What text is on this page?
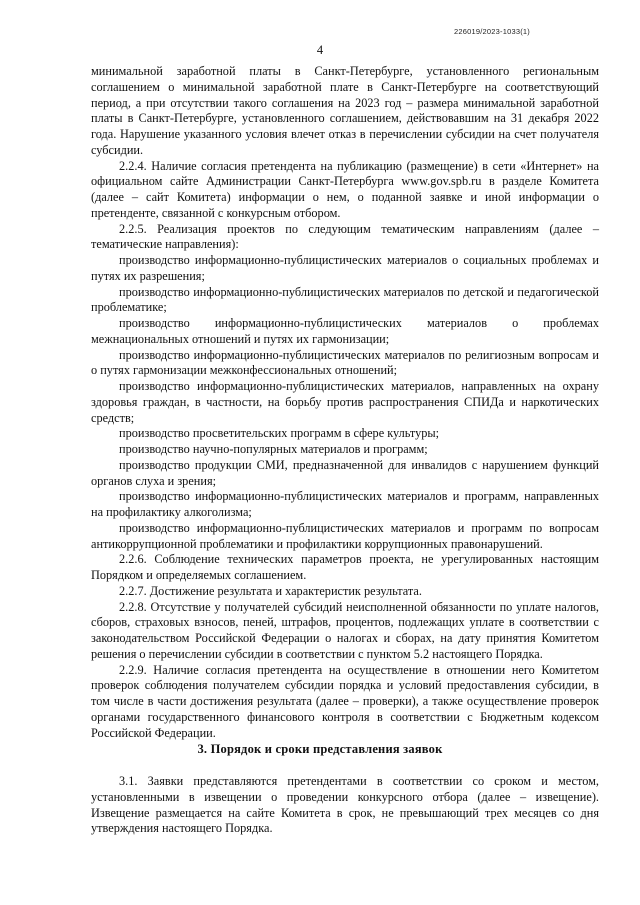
226019/2023-1033(1)
4

минимальной заработной платы в Санкт-Петербурге, установленного региональным соглашением о минимальной заработной плате в Санкт-Петербурге на соответствующий период, а при отсутствии такого соглашения на 2023 год – размера минимальной заработной платы в Санкт-Петербурге, установленного соглашением, действовавшим на 31 декабря 2022 года. Нарушение указанного условия влечет отказ в перечислении субсидии на счет получателя субсидии.

2.2.4. Наличие согласия претендента на публикацию (размещение) в сети «Интернет» на официальном сайте Администрации Санкт-Петербурга www.gov.spb.ru в разделе Комитета (далее – сайт Комитета) информации о нем, о поданной заявке и иной информации о претенденте, связанной с конкурсным отбором.

2.2.5. Реализация проектов по следующим тематическим направлениям (далее – тематические направления):

производство информационно-публицистических материалов о социальных проблемах и путях их разрешения;

производство информационно-публицистических материалов по детской и педагогической проблематике;

производство информационно-публицистических материалов о проблемах межнациональных отношений и путях их гармонизации;

производство информационно-публицистических материалов по религиозным вопросам и о путях гармонизации межконфессиональных отношений;

производство информационно-публицистических материалов, направленных на охрану здоровья граждан, в частности, на борьбу против распространения СПИДа и наркотических средств;

производство просветительских программ в сфере культуры;

производство научно-популярных материалов и программ;

производство продукции СМИ, предназначенной для инвалидов с нарушением функций органов слуха и зрения;

производство информационно-публицистических материалов и программ, направленных на профилактику алкоголизма;

производство информационно-публицистических материалов и программ по вопросам антикоррупционной проблематики и профилактики коррупционных правонарушений.

2.2.6. Соблюдение технических параметров проекта, не урегулированных настоящим Порядком и определяемых соглашением.

2.2.7. Достижение результата и характеристик результата.

2.2.8. Отсутствие у получателей субсидий неисполненной обязанности по уплате налогов, сборов, страховых взносов, пеней, штрафов, процентов, подлежащих уплате в соответствии с законодательством Российской Федерации о налогах и сборах, на дату принятия Комитетом решения о перечислении субсидии в соответствии с пунктом 5.2 настоящего Порядка.

2.2.9. Наличие согласия претендента на осуществление в отношении него Комитетом проверок соблюдения получателем субсидии порядка и условий предоставления субсидии, в том числе в части достижения результата (далее – проверки), а также осуществление проверок органами государственного финансового контроля в соответствии с Бюджетным кодексом Российской Федерации.

3. Порядок и сроки представления заявок

3.1. Заявки представляются претендентами в соответствии со сроком и местом, установленными в извещении о проведении конкурсного отбора (далее – извещение). Извещение размещается на сайте Комитета в срок, не превышающий трех месяцев со дня утверждения настоящего Порядка.
